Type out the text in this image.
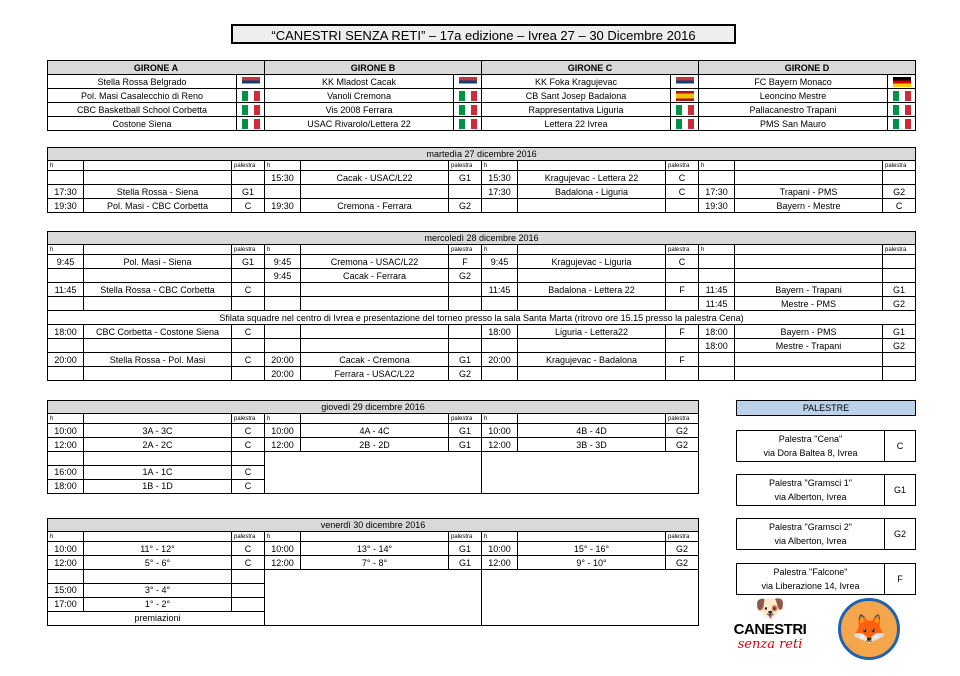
“CANESTRI SENZA RETI” – 17a edizione – Ivrea 27 – 30 Dicembre 2016
GIRONE A		GIRONE B		GIRONE C		GIRONE D	
Stella Rossa Belgrado		KK Mladost Cacak		KK Foka Kragujevac		FC Bayern Monaco	
Pol. Masi Casalecchio di Reno		Vanoli Cremona		CB Sant Josep Badalona		Leoncino Mestre	
CBC Basketball School Corbetta		Vis 2008 Ferrara		Rappresentativa Liguria		Pallacanestro Trapani	
Costone Siena		USAC Rivarolo/Lettera 22		Lettera 22 Ivrea		PMS San Mauro	
martedìa 27 dicembre 2016											
h		palestra	h		palestra	h		palestra	h		palestra
			15:30	Cacak - USAC/L22	G1	15:30	Kragujevac - Lettera 22	C			
17:30	Stella Rossa - Siena	G1				17:30	Badalona - Liguria	C	17:30	Trapani - PMS	G2
19:30	Pol. Masi - CBC Corbetta	C	19:30	Cremona - Ferrara	G2				19:30	Bayern - Mestre	C
mercoledì 28 dicembre 2016											
h		palestra	h		palestra	h		palestra	h		palestra
9:45	Pol. Masi - Siena	G1	9:45	Cremona - USAC/L22	F	9:45	Kragujevac - Liguria	C			
			9:45	Cacak - Ferrara	G2						
11:45	Stella Rossa - CBC Corbetta	C				11:45	Badalona - Lettera 22	F	11:45	Bayern - Trapani	G1
									11:45	Mestre - PMS	G2
Sfilata squadre nel centro di Ivrea e presentazione del torneo presso la sala Santa Marta (ritrovo ore 15.15 presso la palestra Cena)											
18:00	CBC Corbetta - Costone Siena	C				18:00	Liguria - Lettera22	F	18:00	Bayern - PMS	G1
									18:00	Mestre - Trapani	G2
20:00	Stella Rossa - Pol. Masi	C	20:00	Cacak - Cremona	G1	20:00	Kragujevac - Badalona	F			
			20:00	Ferrara - USAC/L22	G2						
giovedì 29 dicembre 2016								
h		palestra	h		palestra	h		palestra
10:00	3A - 3C	C	10:00	4A - 4C	G1	10:00	4B - 4D	G2
12:00	2A - 2C	C	12:00	2B - 2D	G1	12:00	3B - 3D	G2

16:00	1A - 1C	C						
18:00	1B - 1D	C						
venerdì 30 dicembre 2016								
h		palestra	h		palestra	h		palestra
10:00	11° - 12°	C	10:00	13° - 14°	G1	10:00	15° - 16°	G2
12:00	5° - 6°	C	12:00	7° - 8°	G1	12:00	9° - 10°	G2

15:00	3° - 4°							
17:00	1° - 2°							
	premiazioni							
PALESTRE
Palestra "Cena"
via Dora Baltea 8, Ivrea
C
Palestra "Gramsci 1"
via Alberton, Ivrea
G1
Palestra "Gramsci 2"
via Alberton, Ivrea
G2
Palestra "Falcone"
via Liberazione 14, Ivrea
F
🐶
CANESTRI
senza reti
🦊
